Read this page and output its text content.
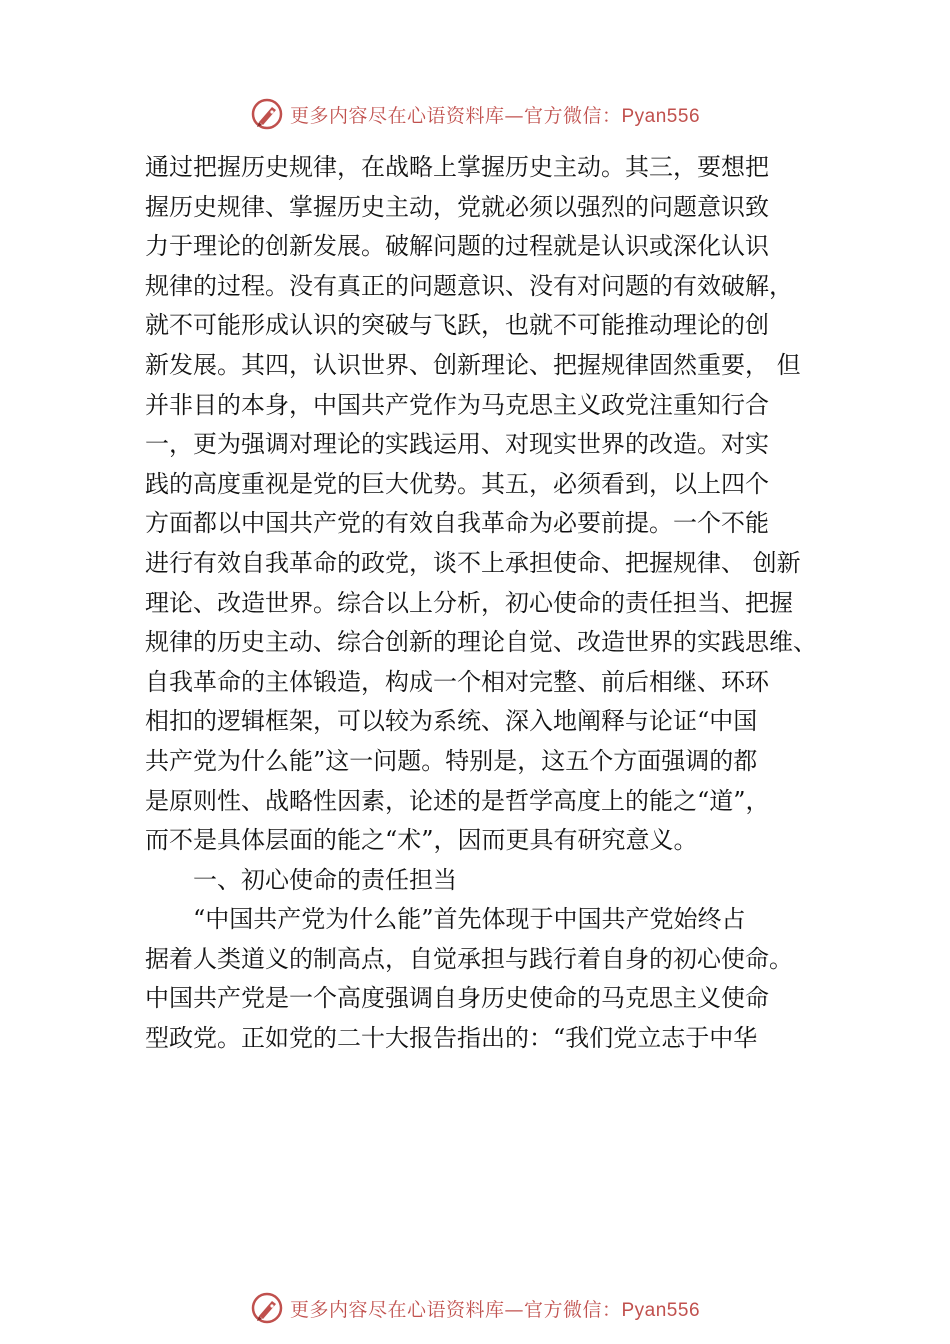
更多内容尽在心语资料库—官方微信：Pyan556
通过把握历史规律，在战略上掌握历史主动。其三，要想把
握历史规律、掌握历史主动，党就必须以强烈的问题意识致
力于理论的创新发展。破解问题的过程就是认识或深化认识
规律的过程。没有真正的问题意识、没有对问题的有效破解，
就不可能形成认识的突破与飞跃，也就不可能推动理论的创
新发展。其四，认识世界、创新理论、把握规律固然重要， 但
并非目的本身，中国共产党作为马克思主义政党注重知行合
一，更为强调对理论的实践运用、对现实世界的改造。对实
践的高度重视是党的巨大优势。其五，必须看到，以上四个
方面都以中国共产党的有效自我革命为必要前提。一个不能
进行有效自我革命的政党，谈不上承担使命、把握规律、 创新
理论、改造世界。综合以上分析，初心使命的责任担当、把握
规律的历史主动、综合创新的理论自觉、改造世界的实践思维、
自我革命的主体锻造，构成一个相对完整、前后相继、环环
相扣的逻辑框架，可以较为系统、深入地阐释与论证“中国
共产党为什么能”这一问题。特别是，这五个方面强调的都
是原则性、战略性因素，论述的是哲学高度上的能之“道”，
而不是具体层面的能之“术”，因而更具有研究意义。
一、初心使命的责任担当
“中国共产党为什么能”首先体现于中国共产党始终占
据着人类道义的制高点，自觉承担与践行着自身的初心使命。
中国共产党是一个高度强调自身历史使命的马克思主义使命
型政党。正如党的二十大报告指出的：“我们党立志于中华
更多内容尽在心语资料库—官方微信：Pyan556
